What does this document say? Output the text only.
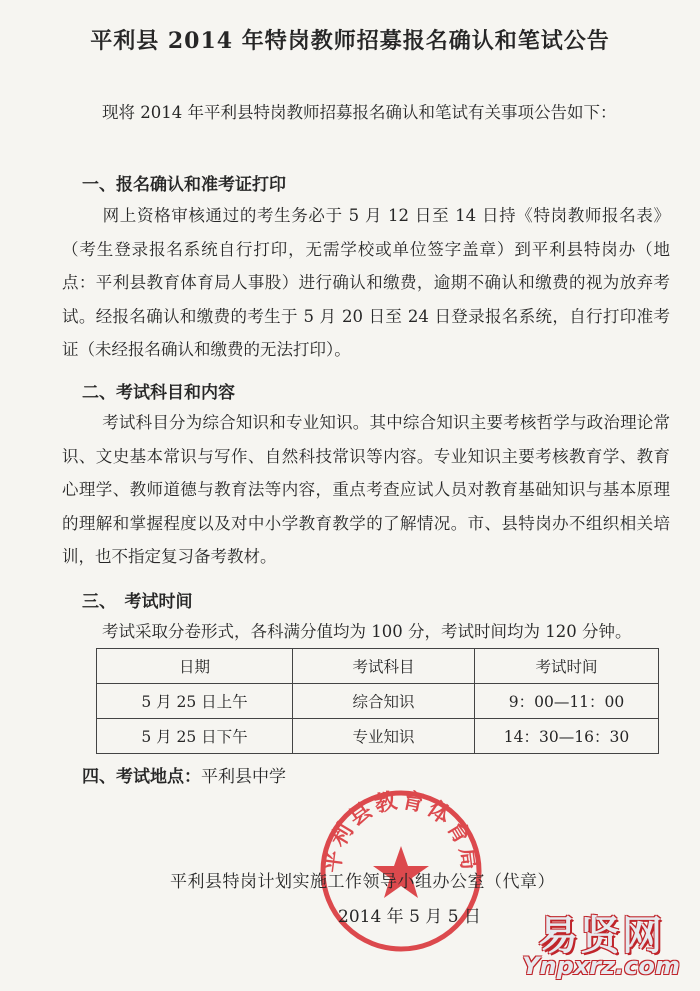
平利县 2014 年特岗教师招募报名确认和笔试公告

现将 2014 年平利县特岗教师招募报名确认和笔试有关事项公告如下：

一、报名确认和准考证打印

网上资格审核通过的考生务必于 5 月 12 日至 14 日持《特岗教师报名表》（考生登录报名系统自行打印，无需学校或单位签字盖章）到平利县特岗办（地点：平利县教育体育局人事股）进行确认和缴费，逾期不确认和缴费的视为放弃考试。经报名确认和缴费的考生于 5 月 20 日至 24 日登录报名系统，自行打印准考证（未经报名确认和缴费的无法打印）。

二、考试科目和内容

考试科目分为综合知识和专业知识。其中综合知识主要考核哲学与政治理论常识、文史基本常识与写作、自然科技常识等内容。专业知识主要考核教育学、教育心理学、教师道德与教育法等内容，重点考查应试人员对教育基础知识与基本原理的理解和掌握程度以及对中小学教育教学的了解情况。市、县特岗办不组织相关培训，也不指定复习备考教材。

三、　考试时间

考试采取分卷形式，各科满分值均为 100 分，考试时间均为 120 分钟。

日期	考试科目	考试时间
5 月 25 日上午	综合知识	9：00—11：00
5 月 25 日下午	专业知识	14：30—16：30

四、考试地点：平利县中学

平利县教育体育局

平利县特岗计划实施工作领导小组办公室（代章）

2014 年 5 月 5 日	易贤网
Ynpxrz.com
